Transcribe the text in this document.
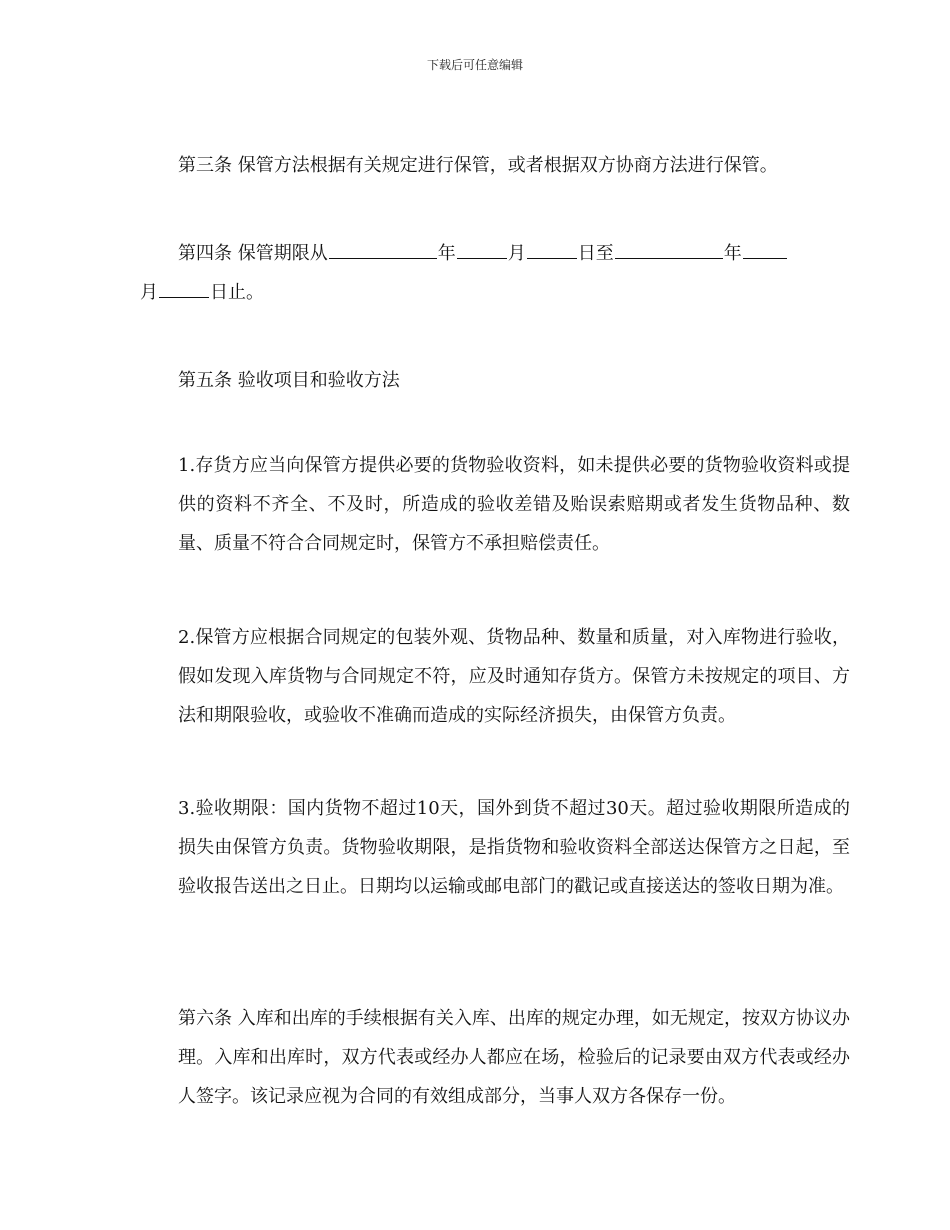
下载后可任意编辑

第三条 保管方法根据有关规定进行保管，或者根据双方协商方法进行保管。

第四条 保管期限从	年	月	日至	年
月	日止。

第五条 验收项目和验收方法

1.存货方应当向保管方提供必要的货物验收资料，如未提供必要的货物验收资料或提供的资料不齐全、不及时，所造成的验收差错及贻误索赔期或者发生货物品种、数量、质量不符合合同规定时，保管方不承担赔偿责任。

2.保管方应根据合同规定的包装外观、货物品种、数量和质量，对入库物进行验收，假如发现入库货物与合同规定不符，应及时通知存货方。保管方未按规定的项目、方法和期限验收，或验收不准确而造成的实际经济损失，由保管方负责。

3.验收期限：国内货物不超过10天，国外到货不超过30天。超过验收期限所造成的损失由保管方负责。货物验收期限，是指货物和验收资料全部送达保管方之日起，至验收报告送出之日止。日期均以运输或邮电部门的戳记或直接送达的签收日期为准。

第六条 入库和出库的手续根据有关入库、出库的规定办理，如无规定，按双方协议办理。入库和出库时，双方代表或经办人都应在场，检验后的记录要由双方代表或经办人签字。该记录应视为合同的有效组成部分，当事人双方各保存一份。
